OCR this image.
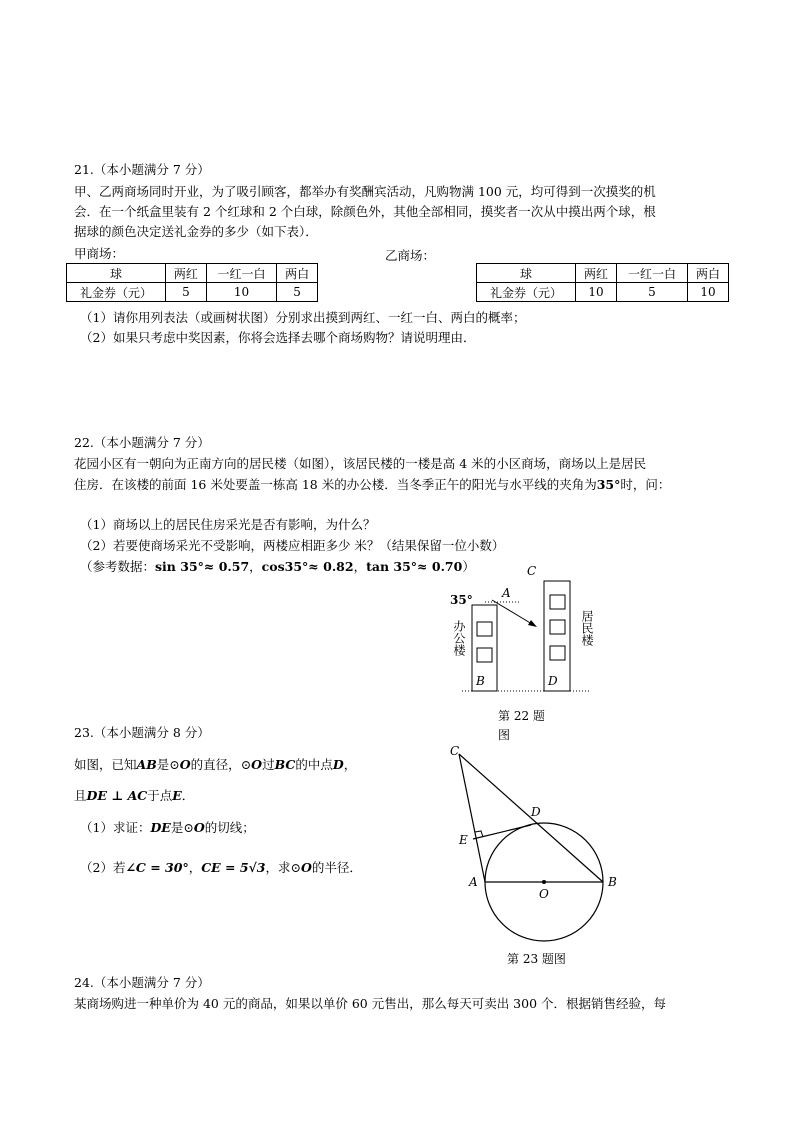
21.（本小题满分 7 分）
甲、乙两商场同时开业，为了吸引顾客，都举办有奖酬宾活动，凡购物满 100 元，均可得到一次摸奖的机
会．在一个纸盒里装有 2 个红球和 2 个白球，除颜色外，其他全部相同，摸奖者一次从中摸出两个球，根
据球的颜色决定送礼金券的多少（如下表）．
甲商场：	乙商场：
球	两红	一红一白	两白
礼金券（元）	5	10	5
球	两红	一红一白	两白
礼金券（元）	10	5	10
（1）请你用列表法（或画树状图）分别求出摸到两红、一红一白、两白的概率；
（2）如果只考虑中奖因素，你将会选择去哪个商场购物？请说明理由．
22.（本小题满分 7 分）
花园小区有一朝向为正南方向的居民楼（如图），该居民楼的一楼是高 4 米的小区商场，商场以上是居民
住房．在该楼的前面 16 米处要盖一栋高 18 米的办公楼．当冬季正午的阳光与水平线的夹角为35°时，问：
（1）商场以上的居民住房采光是否有影响，为什么？
（2）若要使商场采光不受影响，两楼应相距多少 米？（结果保留一位小数）
（参考数据：sin 35°≈ 0.57，cos35°≈ 0.82，tan 35°≈ 0.70）
35° A
C
B	D
办公楼	居民楼
第 22 题
图
23.（本小题满分 8 分）
如图，已知AB是⊙O的直径，⊙O过BC的中点D，
且DE ⊥ AC于点E．
（1）求证：DE是⊙O的切线；
（2）若∠C = 30°，CE = 5√3，求⊙O的半径．
C
D
E
A
O
B
第 23 题图
24.（本小题满分 7 分）
某商场购进一种单价为 40 元的商品，如果以单价 60 元售出，那么每天可卖出 300 个．根据销售经验，每
